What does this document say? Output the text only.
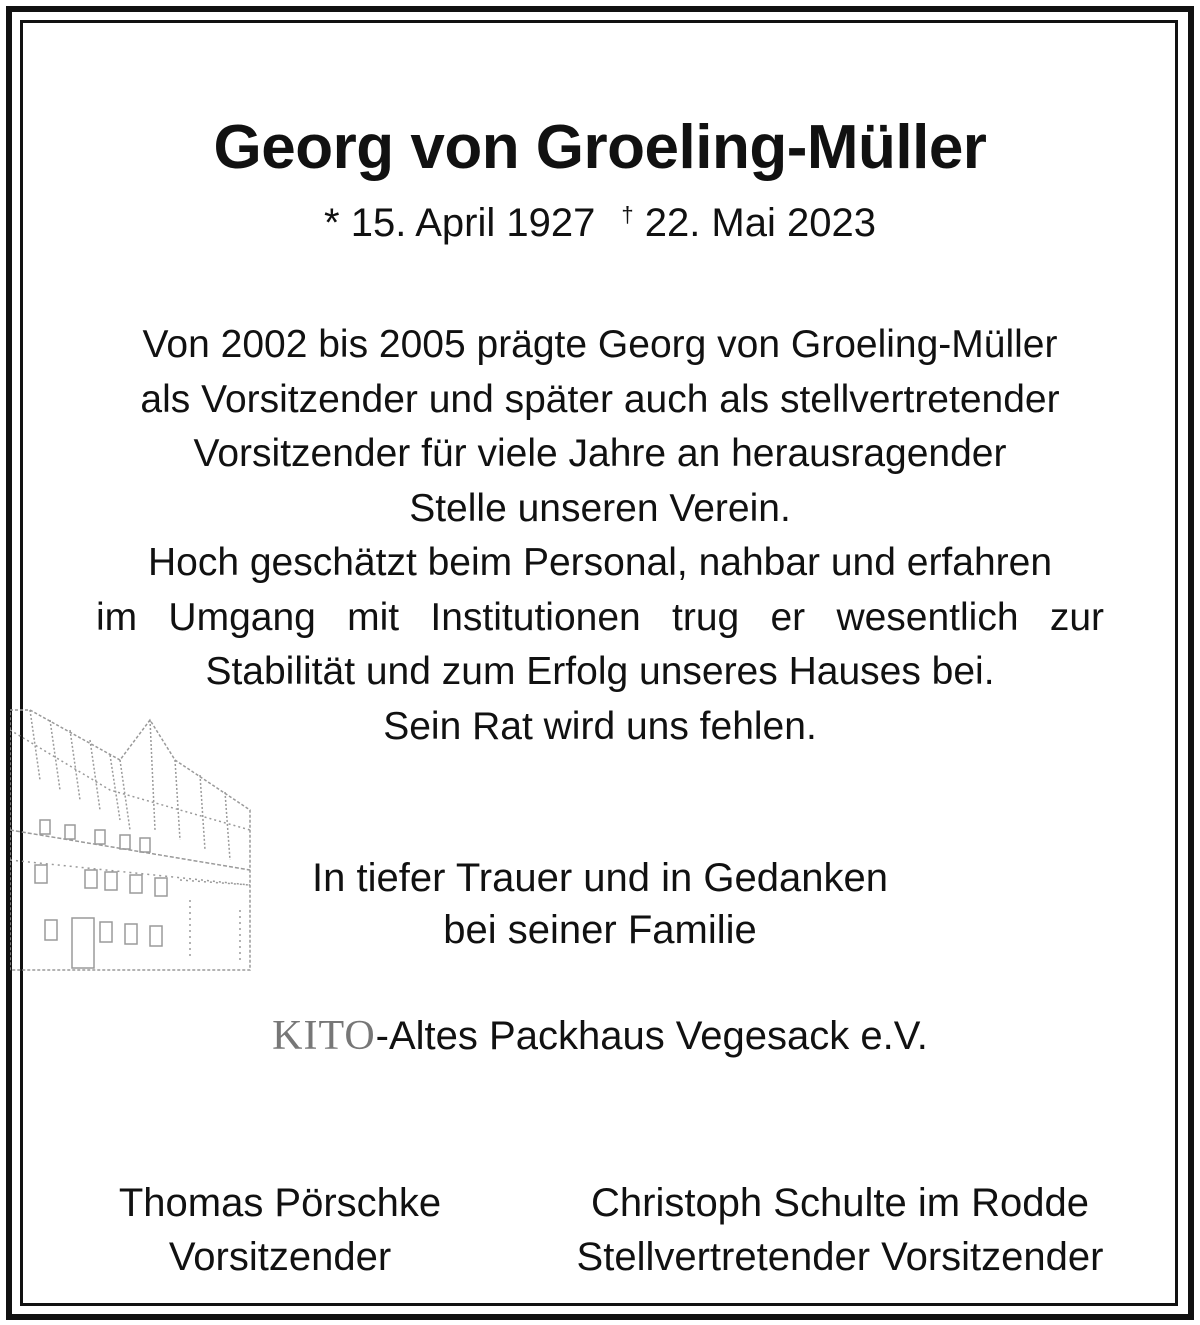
Georg von Groeling-Müller
* 15. April 1927 † 22. Mai 2023
Von 2002 bis 2005 prägte Georg von Groeling-Müller
als Vorsitzender und später auch als stellvertretender
Vorsitzender für viele Jahre an herausragender
Stelle unseren Verein.
Hoch geschätzt beim Personal, nahbar und erfahren
im Umgang mit Institutionen trug er wesentlich zur
Stabilität und zum Erfolg unseres Hauses bei.
Sein Rat wird uns fehlen.
In tiefer Trauer und in Gedanken
bei seiner Familie
KITO-Altes Packhaus Vegesack e.V.
Thomas Pörschke
Vorsitzender
Christoph Schulte im Rodde
Stellvertretender Vorsitzender
